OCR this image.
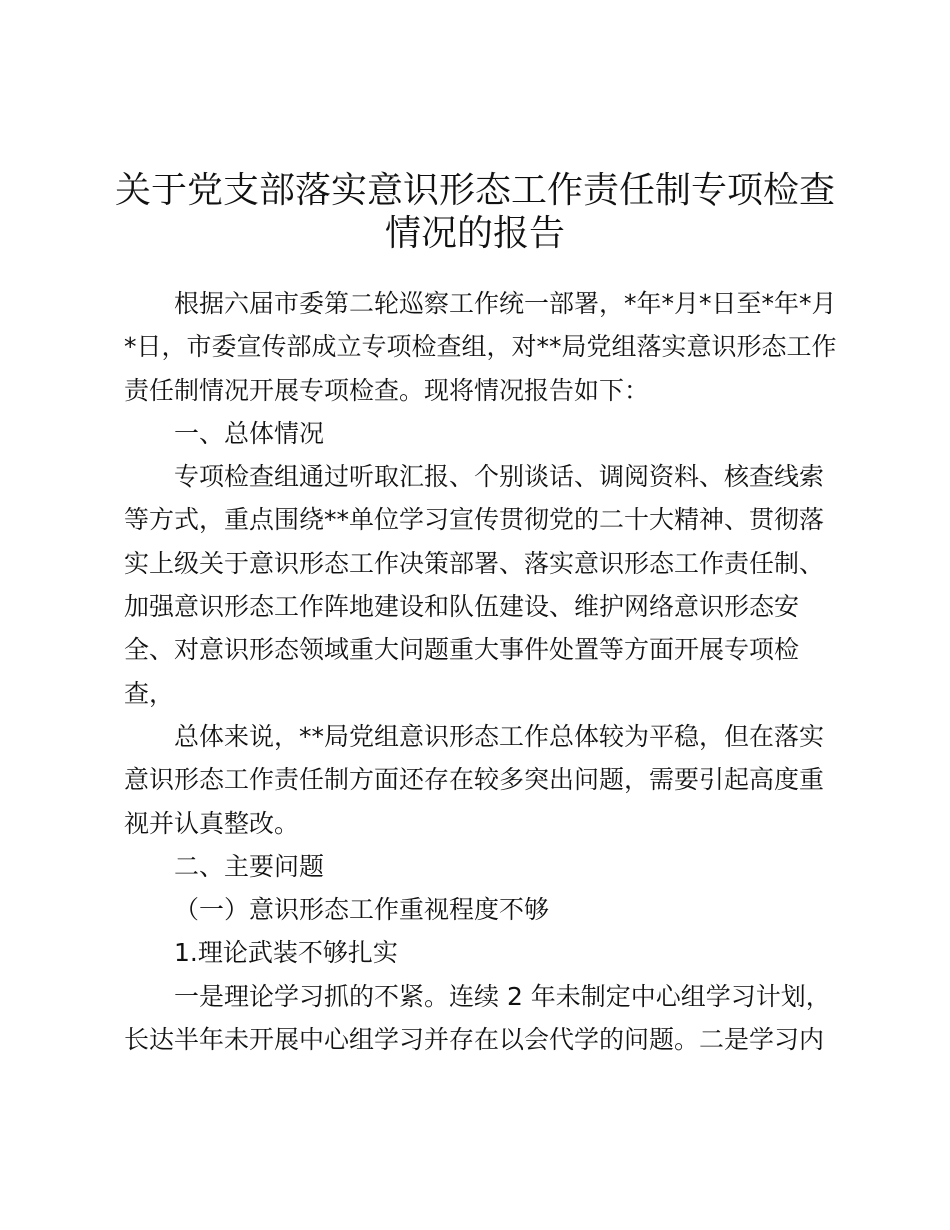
关于党支部落实意识形态工作责任制专项检查
情况的报告
根据六届市委第二轮巡察工作统一部署，*年*月*日至*年*月
*日，市委宣传部成立专项检查组，对**局党组落实意识形态工作
责任制情况开展专项检查。现将情况报告如下：
一、总体情况
专项检查组通过听取汇报、个别谈话、调阅资料、核查线索
等方式，重点围绕**单位学习宣传贯彻党的二十大精神、贯彻落
实上级关于意识形态工作决策部署、落实意识形态工作责任制、
加强意识形态工作阵地建设和队伍建设、维护网络意识形态安
全、对意识形态领域重大问题重大事件处置等方面开展专项检
查，
总体来说，**局党组意识形态工作总体较为平稳，但在落实
意识形态工作责任制方面还存在较多突出问题，需要引起高度重
视并认真整改。
二、主要问题
（一）意识形态工作重视程度不够
1.理论武装不够扎实
一是理论学习抓的不紧。连续 2 年未制定中心组学习计划，
长达半年未开展中心组学习并存在以会代学的问题。二是学习内
